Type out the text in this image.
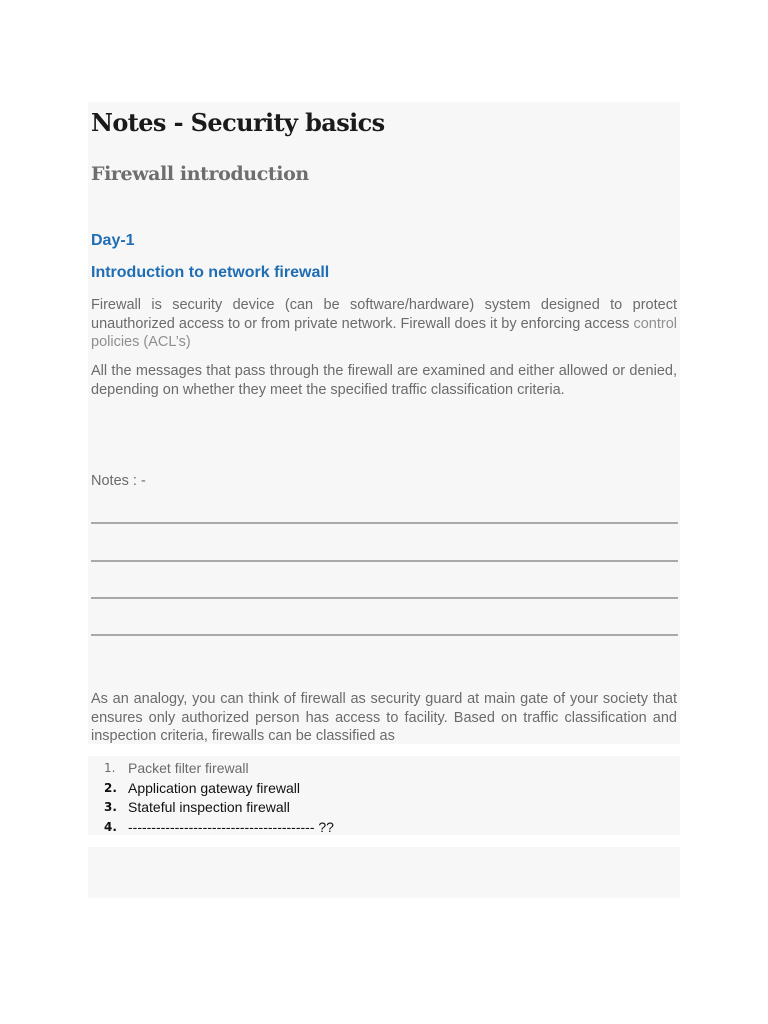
Notes - Security basics
Firewall introduction
Day-1
Introduction to network firewall

Firewall is security device (can be software/hardware) system designed to protect unauthorized access to or from private network. Firewall does it by enforcing access control policies (ACL’s)

All the messages that pass through the firewall are examined and either allowed or denied, depending on whether they meet the specified traffic classification criteria.

Notes : -

As an analogy, you can think of firewall as security guard at main gate of your society that ensures only authorized person has access to facility. Based on traffic classification and inspection criteria, firewalls can be classified as

1. Packet filter firewall
2. Application gateway firewall
3. Stateful inspection firewall
4. ---------------------------------------- ??
